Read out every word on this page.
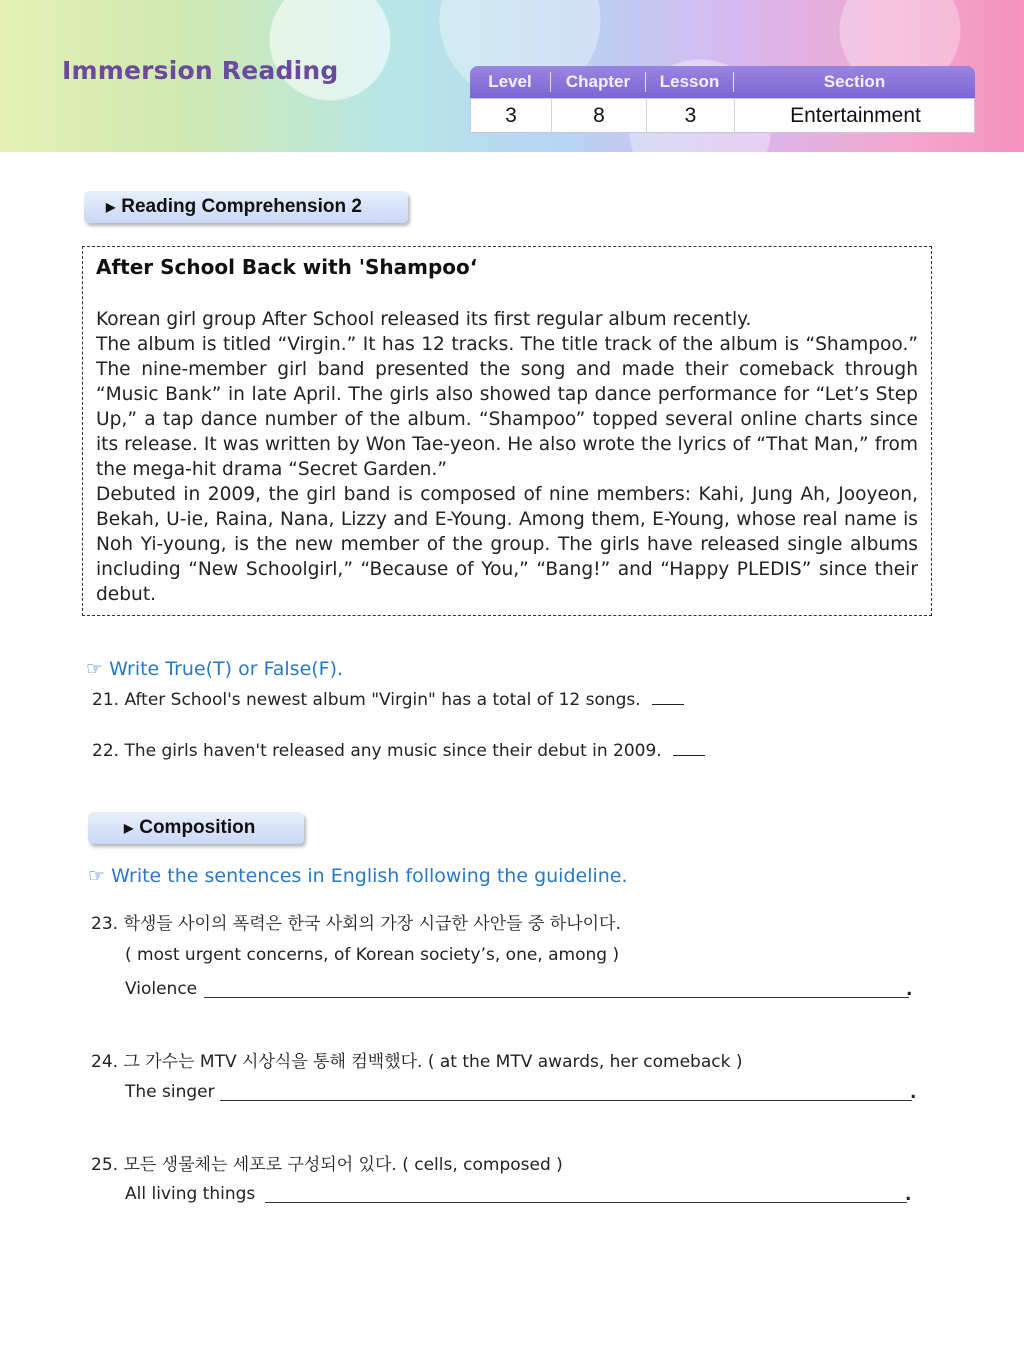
Immersion Reading	Level	Chapter	Lesson	Section
3	8	3	Entertainment
▶ Reading Comprehension 2
After School Back with 'Shampoo‘

Korean girl group After School released its first regular album recently.

The album is titled “Virgin.” It has 12 tracks. The title track of the album is “Shampoo.” The nine-member girl band presented the song and made their comeback through “Music Bank” in late April. The girls also showed tap dance performance for “Let’s Step Up,” a tap dance number of the album. “Shampoo” topped several online charts since its release. It was written by Won Tae-yeon. He also wrote the lyrics of “That Man,” from the mega-hit drama “Secret Garden.”

Debuted in 2009, the girl band is composed of nine members: Kahi, Jung Ah, Jooyeon, Bekah, U-ie, Raina, Nana, Lizzy and E-Young. Among them, E-Young, whose real name is Noh Yi-young, is the new member of the group. The girls have released single albums including “New Schoolgirl,” “Because of You,” “Bang!” and “Happy PLEDIS” since their debut.

☞ Write True(T) or False(F).
21. After School's newest album "Virgin" has a total of 12 songs.
22. The girls haven't released any music since their debut in 2009.
▶ Composition
☞ Write the sentences in English following the guideline.
23. 학생들 사이의 폭력은 한국 사회의 가장 시급한 사안들 중 하나이다.
( most urgent concerns, of Korean society’s, one, among )
Violence	.
24. 그 가수는 MTV 시상식을 통해 컴백했다. ( at the MTV awards, her comeback )
The singer	.
25. 모든 생물체는 세포로 구성되어 있다. ( cells, composed )
All living things	.
